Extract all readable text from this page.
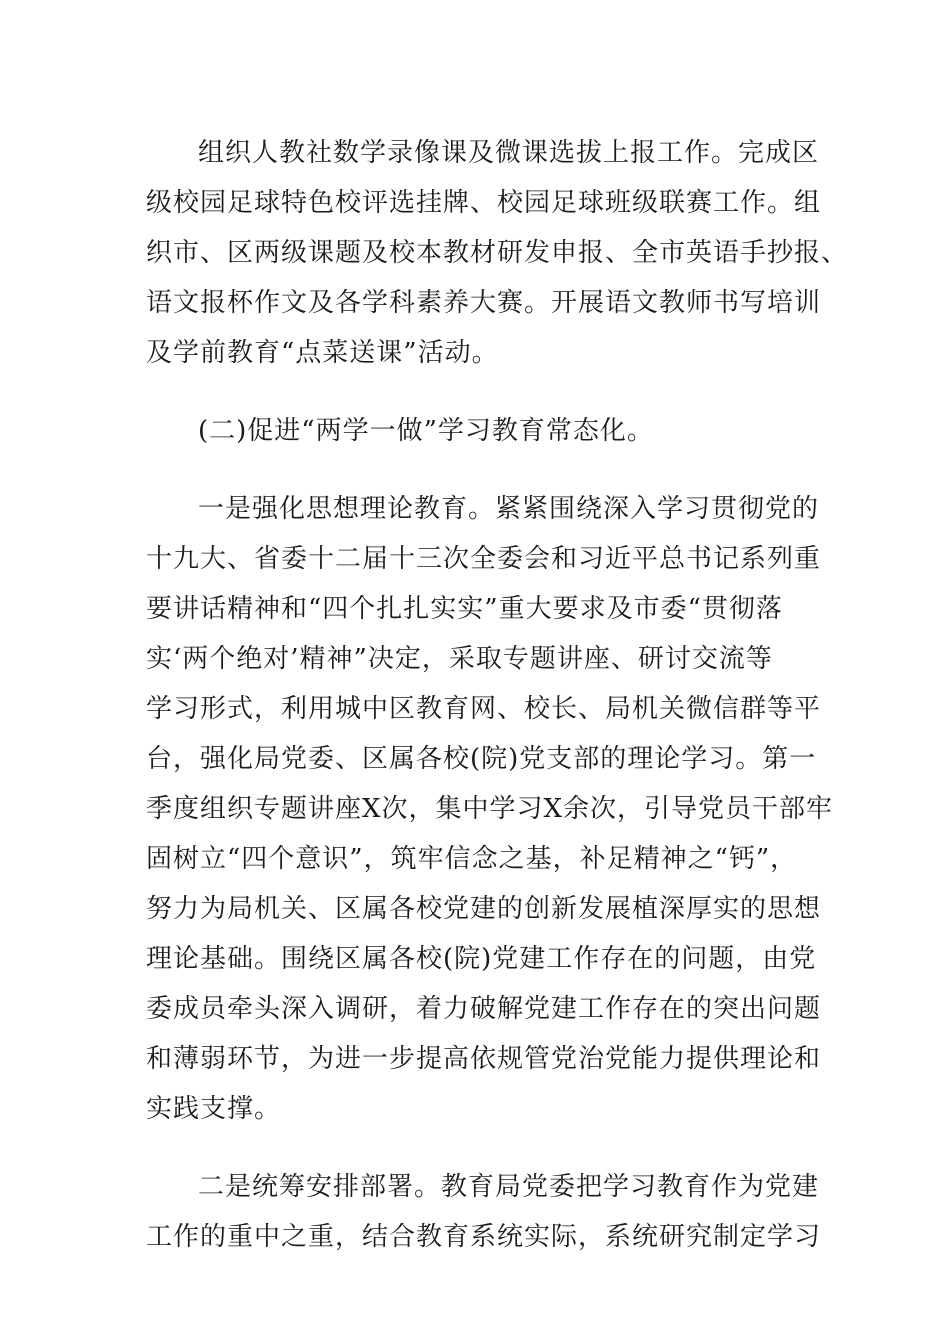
组织人教社数学录像课及微课选拔上报工作。完成区
级校园足球特色校评选挂牌、校园足球班级联赛工作。组
织市、区两级课题及校本教材研发申报、全市英语手抄报、
语文报杯作文及各学科素养大赛。开展语文教师书写培训
及学前教育“点菜送课”活动。
(二)促进“两学一做”学习教育常态化。
一是强化思想理论教育。紧紧围绕深入学习贯彻党的
十九大、省委十二届十三次全委会和习近平总书记系列重
要讲话精神和“四个扎扎实实”重大要求及市委“贯彻落
实‘两个绝对’精神”决定，采取专题讲座、研讨交流等
学习形式，利用城中区教育网、校长、局机关微信群等平
台，强化局党委、区属各校(院)党支部的理论学习。第一
季度组织专题讲座X次，集中学习X余次，引导党员干部牢
固树立“四个意识”，筑牢信念之基，补足精神之“钙”，
努力为局机关、区属各校党建的创新发展植深厚实的思想
理论基础。围绕区属各校(院)党建工作存在的问题，由党
委成员牵头深入调研，着力破解党建工作存在的突出问题
和薄弱环节，为进一步提高依规管党治党能力提供理论和
实践支撑。
二是统筹安排部署。教育局党委把学习教育作为党建
工作的重中之重，结合教育系统实际，系统研究制定学习
